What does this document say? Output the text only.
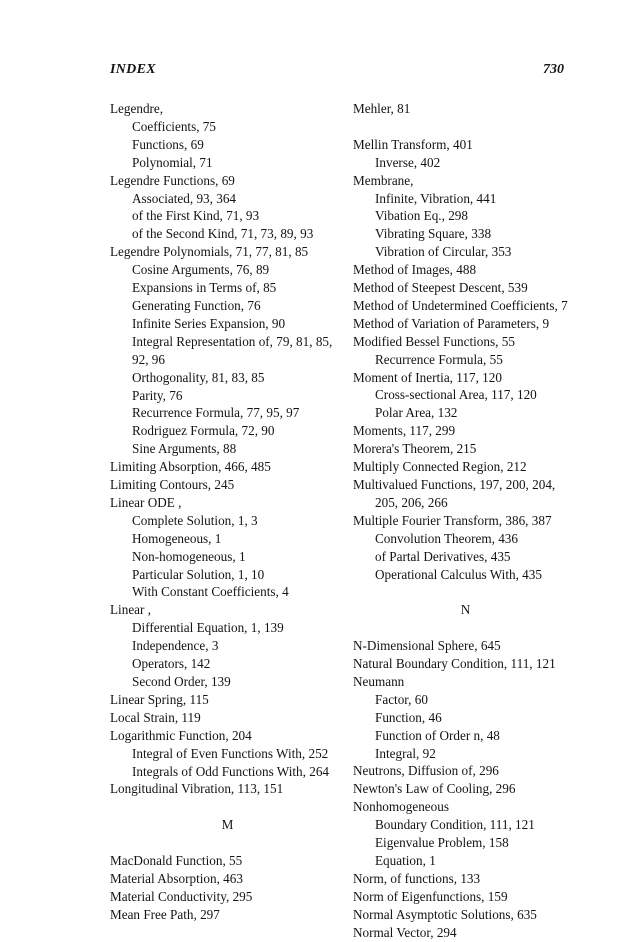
INDEX	730
Legendre,
Coefficients, 75
Functions, 69
Polynomial, 71
Legendre Functions, 69
Associated, 93, 364
of the First Kind, 71, 93
of the Second Kind, 71, 73, 89, 93
Legendre Polynomials, 71, 77, 81, 85
Cosine Arguments, 76, 89
Expansions in Terms of, 85
Generating Function, 76
Infinite Series Expansion, 90
Integral Representation of, 79, 81, 85,
92, 96
Orthogonality, 81, 83, 85
Parity, 76
Recurrence Formula, 77, 95, 97
Rodriguez Formula, 72, 90
Sine Arguments, 88
Limiting Absorption, 466, 485
Limiting Contours, 245
Linear ODE ,
Complete Solution, 1, 3
Homogeneous, 1
Non-homogeneous, 1
Particular Solution, 1, 10
With Constant Coefficients, 4
Linear ,
Differential Equation, 1, 139
Independence, 3
Operators, 142
Second Order, 139
Linear Spring, 115
Local Strain, 119
Logarithmic Function, 204
Integral of Even Functions With, 252
Integrals of Odd Functions With, 264
Longitudinal Vibration, 113, 151
M
MacDonald Function, 55
Material Absorption, 463
Material Conductivity, 295
Mean Free Path, 297
Mehler, 81
Mellin Transform, 401
Inverse, 402
Membrane,
Infinite, Vibration, 441
Vibation Eq., 298
Vibrating Square, 338
Vibration of Circular, 353
Method of Images, 488
Method of Steepest Descent, 539
Method of Undetermined Coefficients, 7
Method of Variation of Parameters, 9
Modified Bessel Functions, 55
Recurrence Formula, 55
Moment of Inertia, 117, 120
Cross-sectional Area, 117, 120
Polar Area, 132
Moments, 117, 299
Morera's Theorem, 215
Multiply Connected Region, 212
Multivalued Functions, 197, 200, 204,
205, 206, 266
Multiple Fourier Transform, 386, 387
Convolution Theorem, 436
of Partal Derivatives, 435
Operational Calculus With, 435
N
N-Dimensional Sphere, 645
Natural Boundary Condition, 111, 121
Neumann
Factor, 60
Function, 46
Function of Order n, 48
Integral, 92
Neutrons, Diffusion of, 296
Newton's Law of Cooling, 296
Nonhomogeneous
Boundary Condition, 111, 121
Eigenvalue Problem, 158
Equation, 1
Norm, of functions, 133
Norm of Eigenfunctions, 159
Normal Asymptotic Solutions, 635
Normal Vector, 294
